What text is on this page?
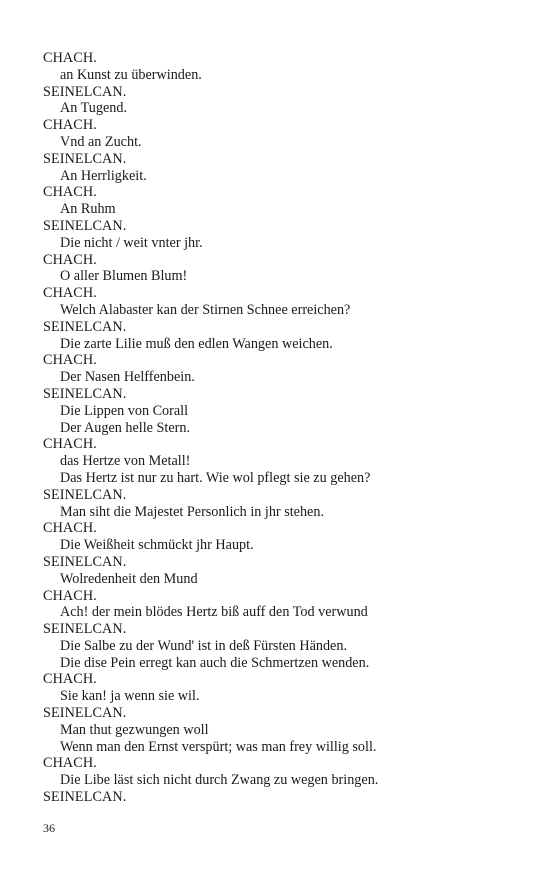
CHACH.
an Kunst zu überwinden.
SEINELCAN.
An Tugend.
CHACH.
Vnd an Zucht.
SEINELCAN.
An Herrligkeit.
CHACH.
An Ruhm
SEINELCAN.
Die nicht / weit vnter jhr.
CHACH.
O aller Blumen Blum!
CHACH.
Welch Alabaster kan der Stirnen Schnee erreichen?
SEINELCAN.
Die zarte Lilie muß den edlen Wangen weichen.
CHACH.
Der Nasen Helffenbein.
SEINELCAN.
Die Lippen von Corall
Der Augen helle Stern.
CHACH.
das Hertze von Metall!
Das Hertz ist nur zu hart. Wie wol pflegt sie zu gehen?
SEINELCAN.
Man siht die Majestet Personlich in jhr stehen.
CHACH.
Die Weißheit schmückt jhr Haupt.
SEINELCAN.
Wolredenheit den Mund
CHACH.
Ach! der mein blödes Hertz biß auff den Tod verwund
SEINELCAN.
Die Salbe zu der Wund' ist in deß Fürsten Händen.
Die dise Pein erregt kan auch die Schmertzen wenden.
CHACH.
Sie kan! ja wenn sie wil.
SEINELCAN.
Man thut gezwungen woll
Wenn man den Ernst verspürt; was man frey willig soll.
CHACH.
Die Libe läst sich nicht durch Zwang zu wegen bringen.
SEINELCAN.
36
